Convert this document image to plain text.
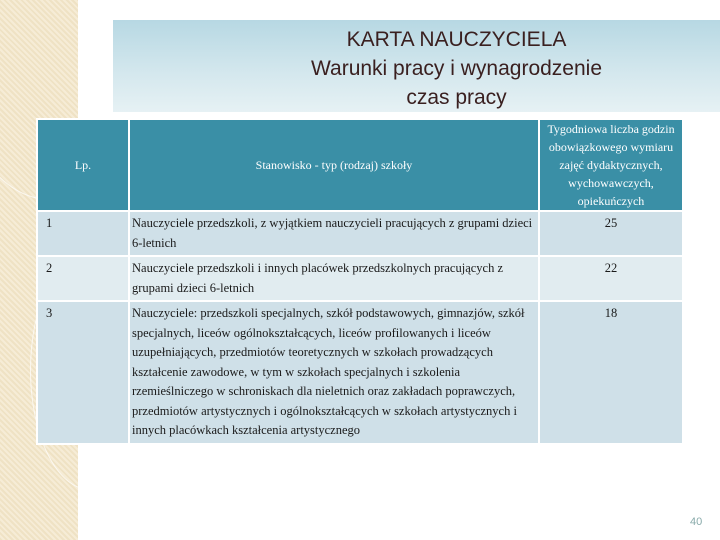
KARTA NAUCZYCIELA
Warunki pracy i wynagrodzenie
czas pracy
Lp.	Stanowisko - typ (rodzaj) szkoły	Tygodniowa liczba godzin obowiązkowego wymiaru zajęć dydaktycznych, wychowawczych, opiekuńczych
1	Nauczyciele przedszkoli, z wyjątkiem nauczycieli pracujących z grupami dzieci 6-letnich	25
2	Nauczyciele przedszkoli i innych placówek przedszkolnych pracujących z grupami dzieci 6-letnich	22
3	Nauczyciele: przedszkoli specjalnych, szkół podstawowych, gimnazjów, szkół specjalnych, liceów ogólnokształcących, liceów profilowanych i liceów uzupełniających, przedmiotów teoretycznych w szkołach prowadzących kształcenie zawodowe, w tym w szkołach specjalnych i szkolenia rzemieślniczego w schroniskach dla nieletnich oraz zakładach poprawczych, przedmiotów artystycznych i ogólnokształcących w szkołach artystycznych i innych placówkach kształcenia artystycznego	18
40
